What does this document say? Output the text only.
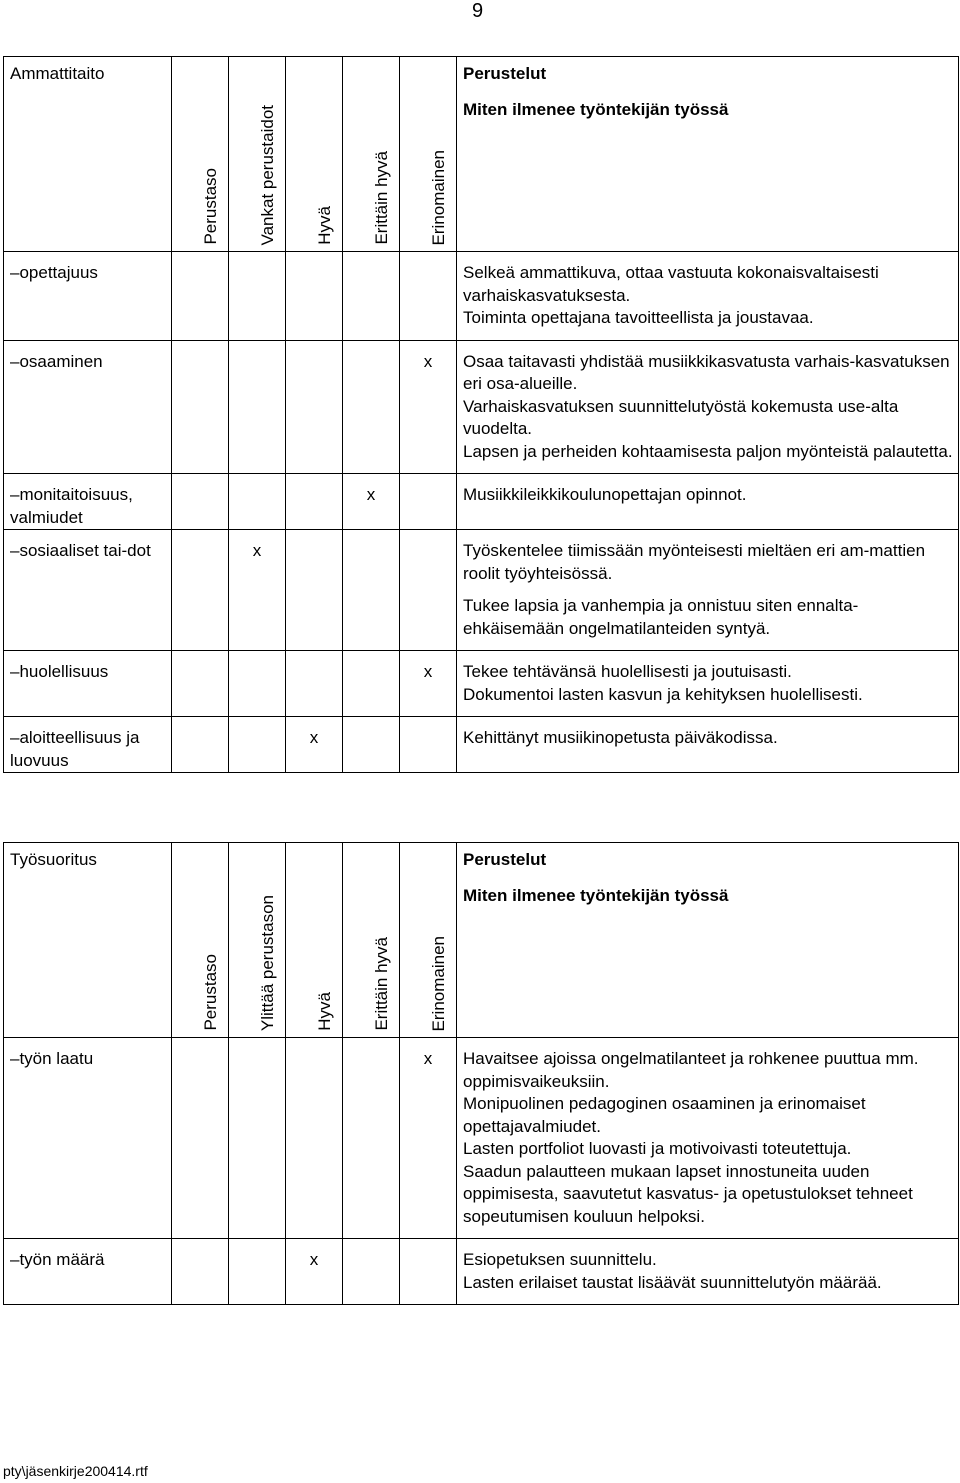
9
Ammattitaito	Perustaso	Vankat perustaidot	Hyvä	Erittäin hyvä	Erinomainen	Perustelut
Miten ilmenee työntekijän työssä

–opettajuus						Selkeä ammattikuva, ottaa vastuuta kokonaisvaltaisesti varhaiskasvatuksesta.

Toiminta opettajana tavoitteellista ja joustavaa.

–osaaminen					x	Osaa taitavasti yhdistää musiikkikasvatusta varhais-kasvatuksen eri osa-alueille.

Varhaiskasvatuksen suunnittelutyöstä kokemusta use-alta vuodelta.

Lapsen ja perheiden kohtaamisesta paljon myönteistä palautetta.

–monitaitoisuus, valmiudet				x		Musiikkileikkikoulunopettajan opinnot.

–sosiaaliset tai-dot		x				Työskentelee tiimissään myönteisesti mieltäen eri am-mattien roolit työyhteisössä.

Tukee lapsia ja vanhempia ja onnistuu siten ennalta-ehkäisemään ongelmatilanteiden syntyä.

–huolellisuus					x	Tekee tehtävänsä huolellisesti ja joutuisasti.

Dokumentoi lasten kasvun ja kehityksen huolellisesti.

–aloitteellisuus ja luovuus			x			Kehittänyt musiikinopetusta päiväkodissa.

Työsuoritus	Perustaso	Ylittää perustason	Hyvä	Erittäin hyvä	Erinomainen	Perustelut
Miten ilmenee työntekijän työssä

–työn laatu					x	Havaitsee ajoissa ongelmatilanteet ja rohkenee puuttua mm. oppimisvaikeuksiin.

Monipuolinen pedagoginen osaaminen ja erinomaiset opettajavalmiudet.

Lasten portfoliot luovasti ja motivoivasti toteutettuja.

Saadun palautteen mukaan lapset innostuneita uuden oppimisesta, saavutetut kasvatus- ja opetustulokset tehneet sopeutumisen kouluun helpoksi.

–työn määrä			x			Esiopetuksen suunnittelu.

Lasten erilaiset taustat lisäävät suunnittelutyön määrää.

pty\jäsenkirje200414.rtf
